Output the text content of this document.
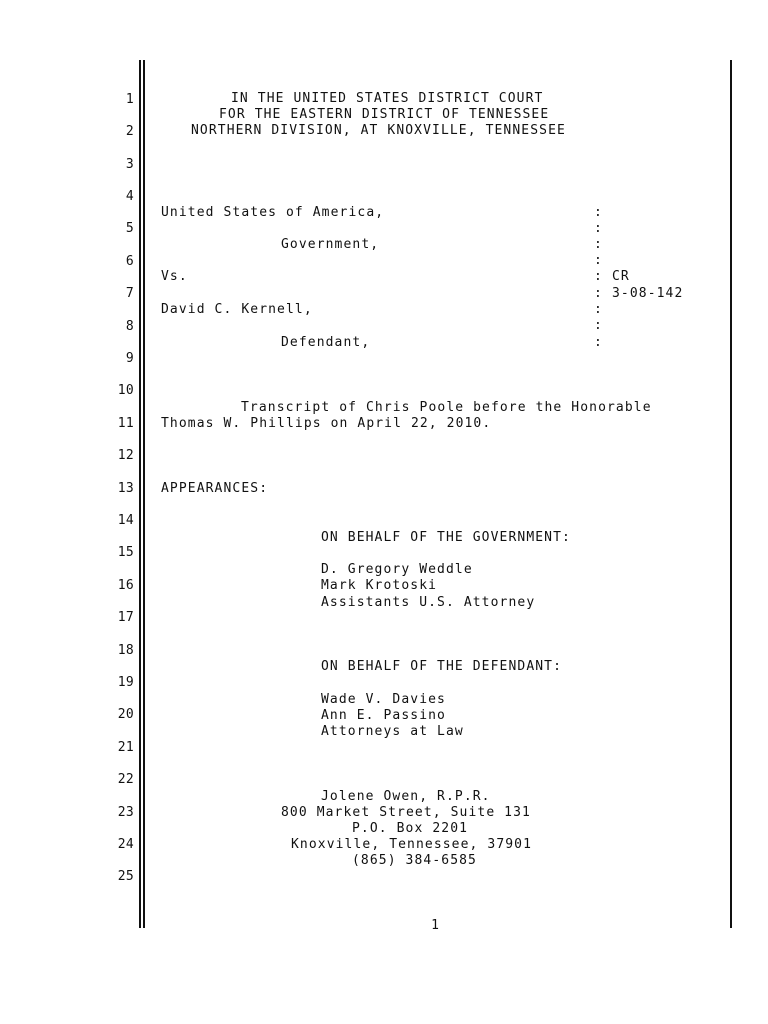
1
2
3
4
5
6
7
8
9
10
11
12
13
14
15
16
17
18
19
20
21
22
23
24
25
IN THE UNITED STATES DISTRICT COURT
FOR THE EASTERN DISTRICT OF TENNESSEE
NORTHERN DIVISION, AT KNOXVILLE, TENNESSEE
United States of America,
Government,
Vs.
David C. Kernell,
Defendant,
:
:
:
:
:
:
:
:
:
CR
3-08-142
Transcript of Chris Poole before the Honorable
Thomas W. Phillips on April 22, 2010.
APPEARANCES:
ON BEHALF OF THE GOVERNMENT:
D. Gregory Weddle
Mark Krotoski
Assistants U.S. Attorney
ON BEHALF OF THE DEFENDANT:
Wade V. Davies
Ann E. Passino
Attorneys at Law
Jolene Owen, R.P.R.
800 Market Street, Suite 131
P.O. Box 2201
Knoxville, Tennessee, 37901
(865) 384-6585
1
